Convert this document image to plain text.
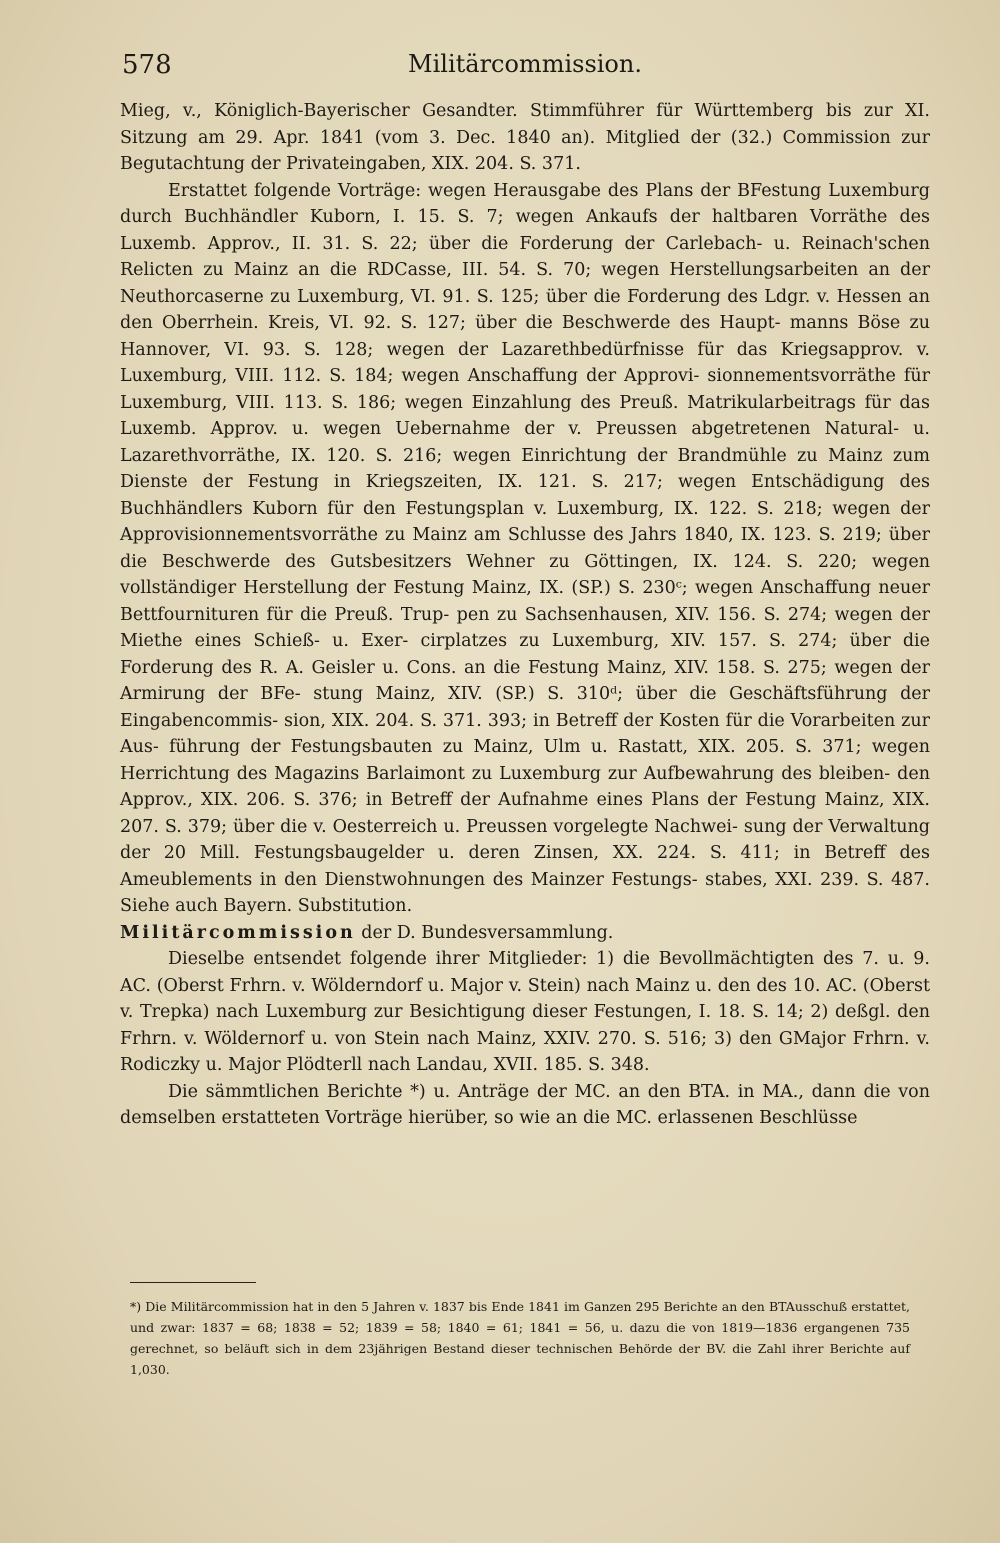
578	Militärcommission.

Mieg, v., Königlich-Bayerischer Gesandter. Stimmführer für Württemberg bis zur XI. Sitzung am 29. Apr. 1841 (vom 3. Dec. 1840 an). Mitglied der (32.) Commission zur Begutachtung der Privateingaben, XIX. 204. S. 371.

Erstattet folgende Vorträge: wegen Herausgabe des Plans der BFestung Luxemburg durch Buchhändler Kuborn, I. 15. S. 7; wegen Ankaufs der haltbaren Vorräthe des Luxemb. Approv., II. 31. S. 22; über die Forderung der Carlebach- u. Reinach'schen Relicten zu Mainz an die RDCasse, III. 54. S. 70; wegen Herstellungsarbeiten an der Neuthorcaserne zu Luxemburg, VI. 91. S. 125; über die Forderung des Ldgr. v. Hessen an den Oberrhein. Kreis, VI. 92. S. 127; über die Beschwerde des Haupt- manns Böse zu Hannover, VI. 93. S. 128; wegen der Lazarethbedürfnisse für das Kriegsapprov. v. Luxemburg, VIII. 112. S. 184; wegen Anschaffung der Approvi- sionnementsvorräthe für Luxemburg, VIII. 113. S. 186; wegen Einzahlung des Preuß. Matrikularbeitrags für das Luxemb. Approv. u. wegen Uebernahme der v. Preussen abgetretenen Natural- u. Lazarethvorräthe, IX. 120. S. 216; wegen Einrichtung der Brandmühle zu Mainz zum Dienste der Festung in Kriegszeiten, IX. 121. S. 217; wegen Entschädigung des Buchhändlers Kuborn für den Festungsplan v. Luxemburg, IX. 122. S. 218; wegen der Approvisionnementsvorräthe zu Mainz am Schlusse des Jahrs 1840, IX. 123. S. 219; über die Beschwerde des Gutsbesitzers Wehner zu Göttingen, IX. 124. S. 220; wegen vollständiger Herstellung der Festung Mainz, IX. (SP.) S. 230ᶜ; wegen Anschaffung neuer Bettfournituren für die Preuß. Trup- pen zu Sachsenhausen, XIV. 156. S. 274; wegen der Miethe eines Schieß- u. Exer- cirplatzes zu Luxemburg, XIV. 157. S. 274; über die Forderung des R. A. Geisler u. Cons. an die Festung Mainz, XIV. 158. S. 275; wegen der Armirung der BFe- stung Mainz, XIV. (SP.) S. 310ᵈ; über die Geschäftsführung der Eingabencommis- sion, XIX. 204. S. 371. 393; in Betreff der Kosten für die Vorarbeiten zur Aus- führung der Festungsbauten zu Mainz, Ulm u. Rastatt, XIX. 205. S. 371; wegen Herrichtung des Magazins Barlaimont zu Luxemburg zur Aufbewahrung des bleiben- den Approv., XIX. 206. S. 376; in Betreff der Aufnahme eines Plans der Festung Mainz, XIX. 207. S. 379; über die v. Oesterreich u. Preussen vorgelegte Nachwei- sung der Verwaltung der 20 Mill. Festungsbaugelder u. deren Zinsen, XX. 224. S. 411; in Betreff des Ameublements in den Dienstwohnungen des Mainzer Festungs- stabes, XXI. 239. S. 487. Siehe auch Bayern. Substitution.

Militärcommission der D. Bundesversammlung.

Dieselbe entsendet folgende ihrer Mitglieder: 1) die Bevollmächtigten des 7. u. 9. AC. (Oberst Frhrn. v. Wölderndorf u. Major v. Stein) nach Mainz u. den des 10. AC. (Oberst v. Trepka) nach Luxemburg zur Besichtigung dieser Festungen, I. 18. S. 14; 2) deßgl. den Frhrn. v. Wöldernorf u. von Stein nach Mainz, XXIV. 270. S. 516; 3) den GMajor Frhrn. v. Rodiczky u. Major Plödterll nach Landau, XVII. 185. S. 348.

Die sämmtlichen Berichte *) u. Anträge der MC. an den BTA. in MA., dann die von demselben erstatteten Vorträge hierüber, so wie an die MC. erlassenen Beschlüsse

*) Die Militärcommission hat in den 5 Jahren v. 1837 bis Ende 1841 im Ganzen 295 Berichte an den BTAusschuß erstattet, und zwar: 1837 = 68; 1838 = 52; 1839 = 58; 1840 = 61; 1841 = 56, u. dazu die von 1819—1836 ergangenen 735 gerechnet, so beläuft sich in dem 23jährigen Bestand dieser technischen Behörde der BV. die Zahl ihrer Berichte auf 1,030.
